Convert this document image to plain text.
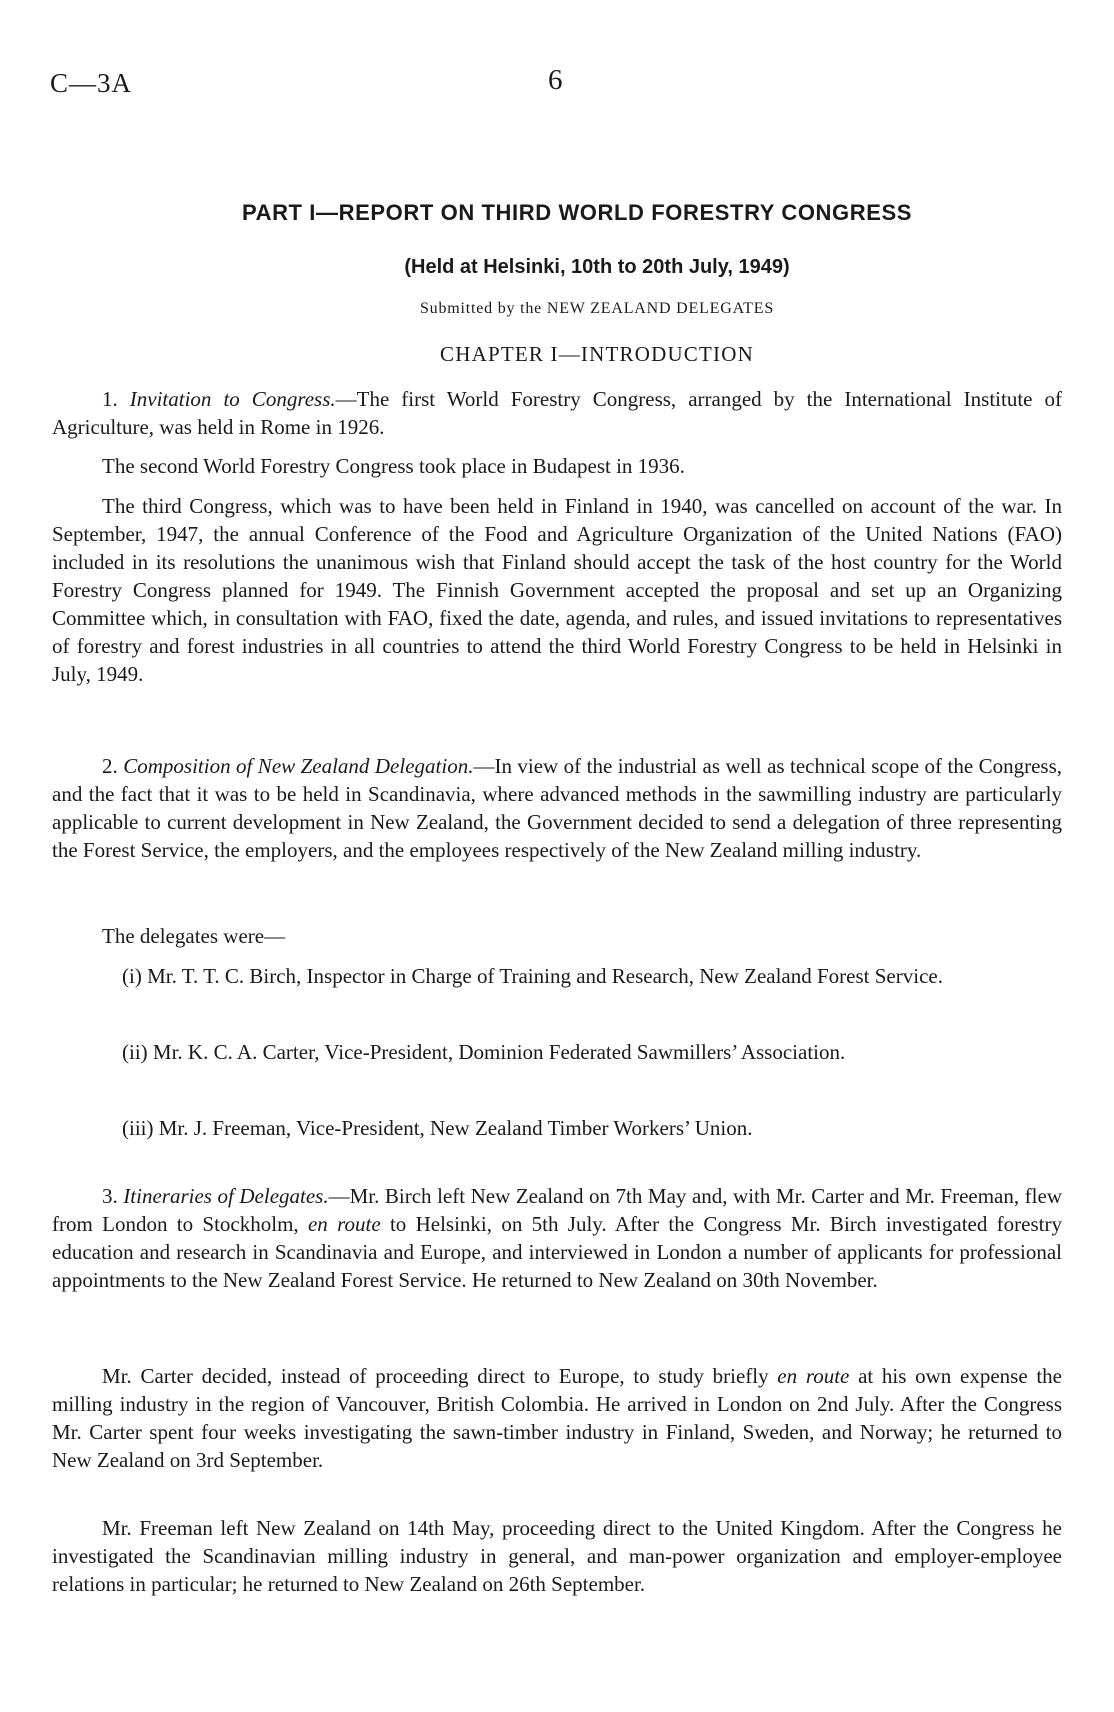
C—3A	6
PART I—REPORT ON THIRD WORLD FORESTRY CONGRESS
(Held at Helsinki, 10th to 20th July, 1949)
Submitted by the NEW ZEALAND DELEGATES
CHAPTER I—INTRODUCTION

1. Invitation to Congress.—The first World Forestry Congress, arranged by the International Institute of Agriculture, was held in Rome in 1926.

The second World Forestry Congress took place in Budapest in 1936.

The third Congress, which was to have been held in Finland in 1940, was cancelled on account of the war. In September, 1947, the annual Conference of the Food and Agriculture Organization of the United Nations (FAO) included in its resolutions the unanimous wish that Finland should accept the task of the host country for the World Forestry Congress planned for 1949. The Finnish Government accepted the proposal and set up an Organizing Committee which, in consultation with FAO, fixed the date, agenda, and rules, and issued invitations to representatives of forestry and forest industries in all countries to attend the third World Forestry Congress to be held in Helsinki in July, 1949.

2. Composition of New Zealand Delegation.—In view of the industrial as well as technical scope of the Congress, and the fact that it was to be held in Scandinavia, where advanced methods in the sawmilling industry are particularly applicable to current development in New Zealand, the Government decided to send a delegation of three representing the Forest Service, the employers, and the employees respectively of the New Zealand milling industry.

The delegates were—

(i) Mr. T. T. C. Birch, Inspector in Charge of Training and Research, New Zealand Forest Service.

(ii) Mr. K. C. A. Carter, Vice-President, Dominion Federated Sawmillers’ Association.

(iii) Mr. J. Freeman, Vice-President, New Zealand Timber Workers’ Union.

3. Itineraries of Delegates.—Mr. Birch left New Zealand on 7th May and, with Mr. Carter and Mr. Freeman, flew from London to Stockholm, en route to Helsinki, on 5th July. After the Congress Mr. Birch investigated forestry education and research in Scandinavia and Europe, and interviewed in London a number of applicants for professional appointments to the New Zealand Forest Service. He returned to New Zealand on 30th November.

Mr. Carter decided, instead of proceeding direct to Europe, to study briefly en route at his own expense the milling industry in the region of Vancouver, British Colombia. He arrived in London on 2nd July. After the Congress Mr. Carter spent four weeks investigating the sawn-timber industry in Finland, Sweden, and Norway; he returned to New Zealand on 3rd September.

Mr. Freeman left New Zealand on 14th May, proceeding direct to the United Kingdom. After the Congress he investigated the Scandinavian milling industry in general, and man-power organization and employer-employee relations in particular; he returned to New Zealand on 26th September.
